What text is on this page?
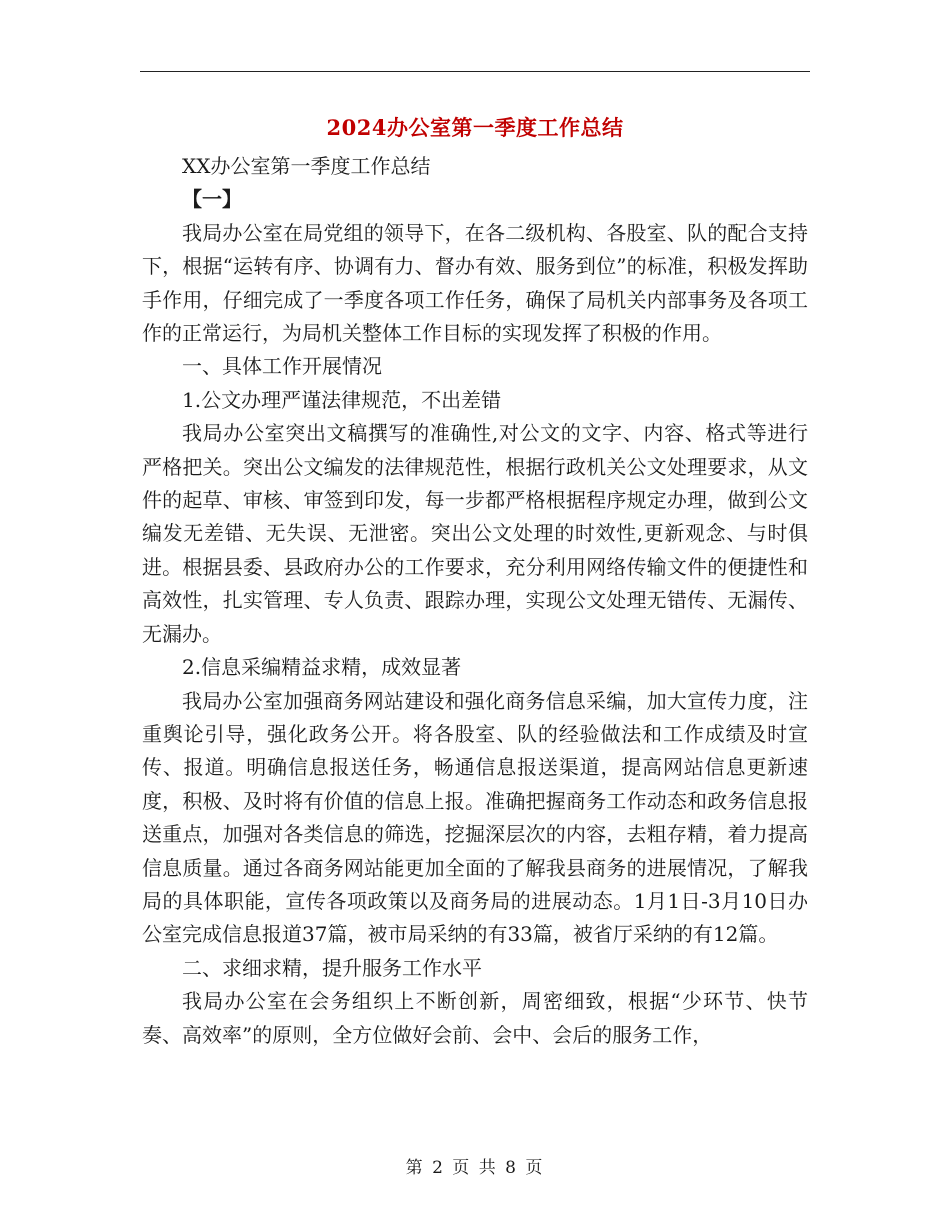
2024办公室第一季度工作总结

XX办公室第一季度工作总结

【一】

我局办公室在局党组的领导下，在各二级机构、各股室、队的配合支持下，根据“运转有序、协调有力、督办有效、服务到位”的标准，积极发挥助手作用，仔细完成了一季度各项工作任务，确保了局机关内部事务及各项工作的正常运行，为局机关整体工作目标的实现发挥了积极的作用。

一、具体工作开展情况

1.公文办理严谨法律规范，不出差错

我局办公室突出文稿撰写的准确性,对公文的文字、内容、格式等进行严格把关。突出公文编发的法律规范性，根据行政机关公文处理要求，从文件的起草、审核、审签到印发，每一步都严格根据程序规定办理，做到公文编发无差错、无失误、无泄密。突出公文处理的时效性,更新观念、与时俱进。根据县委、县政府办公的工作要求，充分利用网络传输文件的便捷性和高效性，扎实管理、专人负责、跟踪办理，实现公文处理无错传、无漏传、无漏办。

2.信息采编精益求精，成效显著

我局办公室加强商务网站建设和强化商务信息采编，加大宣传力度，注重舆论引导，强化政务公开。将各股室、队的经验做法和工作成绩及时宣传、报道。明确信息报送任务，畅通信息报送渠道，提高网站信息更新速度，积极、及时将有价值的信息上报。准确把握商务工作动态和政务信息报送重点，加强对各类信息的筛选，挖掘深层次的内容，去粗存精，着力提高信息质量。通过各商务网站能更加全面的了解我县商务的进展情况，了解我局的具体职能，宣传各项政策以及商务局的进展动态。1月1日-3月10日办公室完成信息报道37篇，被市局采纳的有33篇，被省厅采纳的有12篇。

二、求细求精，提升服务工作水平

我局办公室在会务组织上不断创新，周密细致，根据“少环节、快节奏、高效率”的原则，全方位做好会前、会中、会后的服务工作，

第 2 页 共 8 页
